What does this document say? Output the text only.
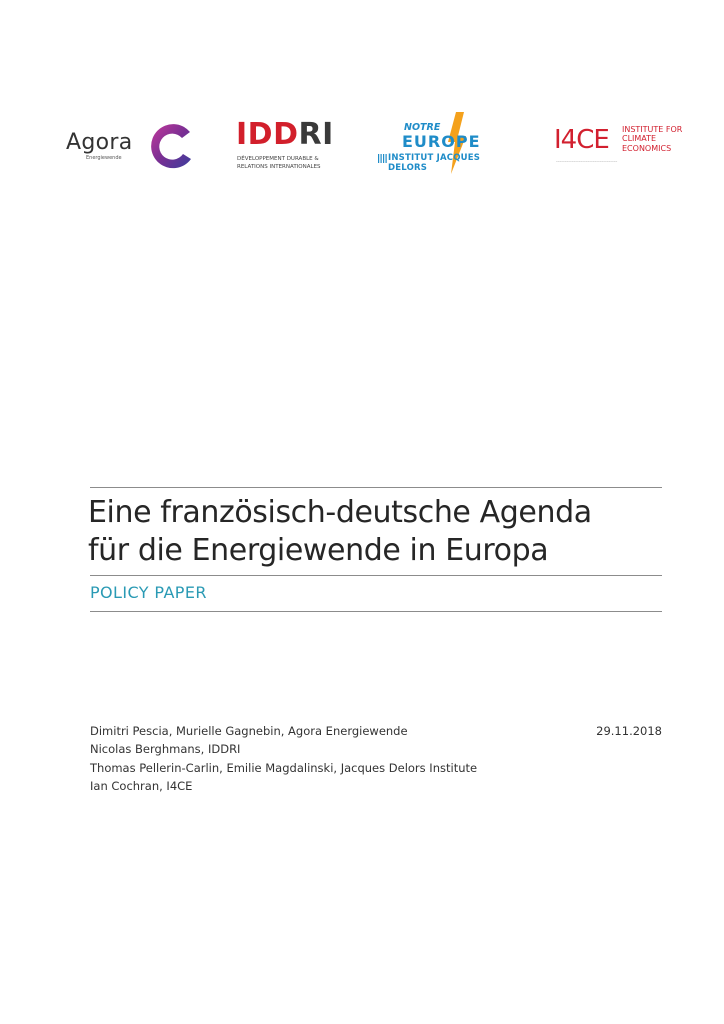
Agora
Energiewende
IDDRI
DÉVELOPPEMENT DURABLE &
RELATIONS INTERNATIONALES
NOTRE
EUROPE
INSTITUT JACQUES DELORS
I4CE INSTITUTE FOR
CLIMATE
ECONOMICS
–––––––––––––––––––––––––––––––––––
Eine französisch-deutsche Agenda
für die Energiewende in Europa
POLICY PAPER
Dimitri Pescia, Murielle Gagnebin, Agora Energiewende
Nicolas Berghmans, IDDRI
Thomas Pellerin-Carlin, Emilie Magdalinski, Jacques Delors Institute
Ian Cochran, I4CE
29.11.2018
